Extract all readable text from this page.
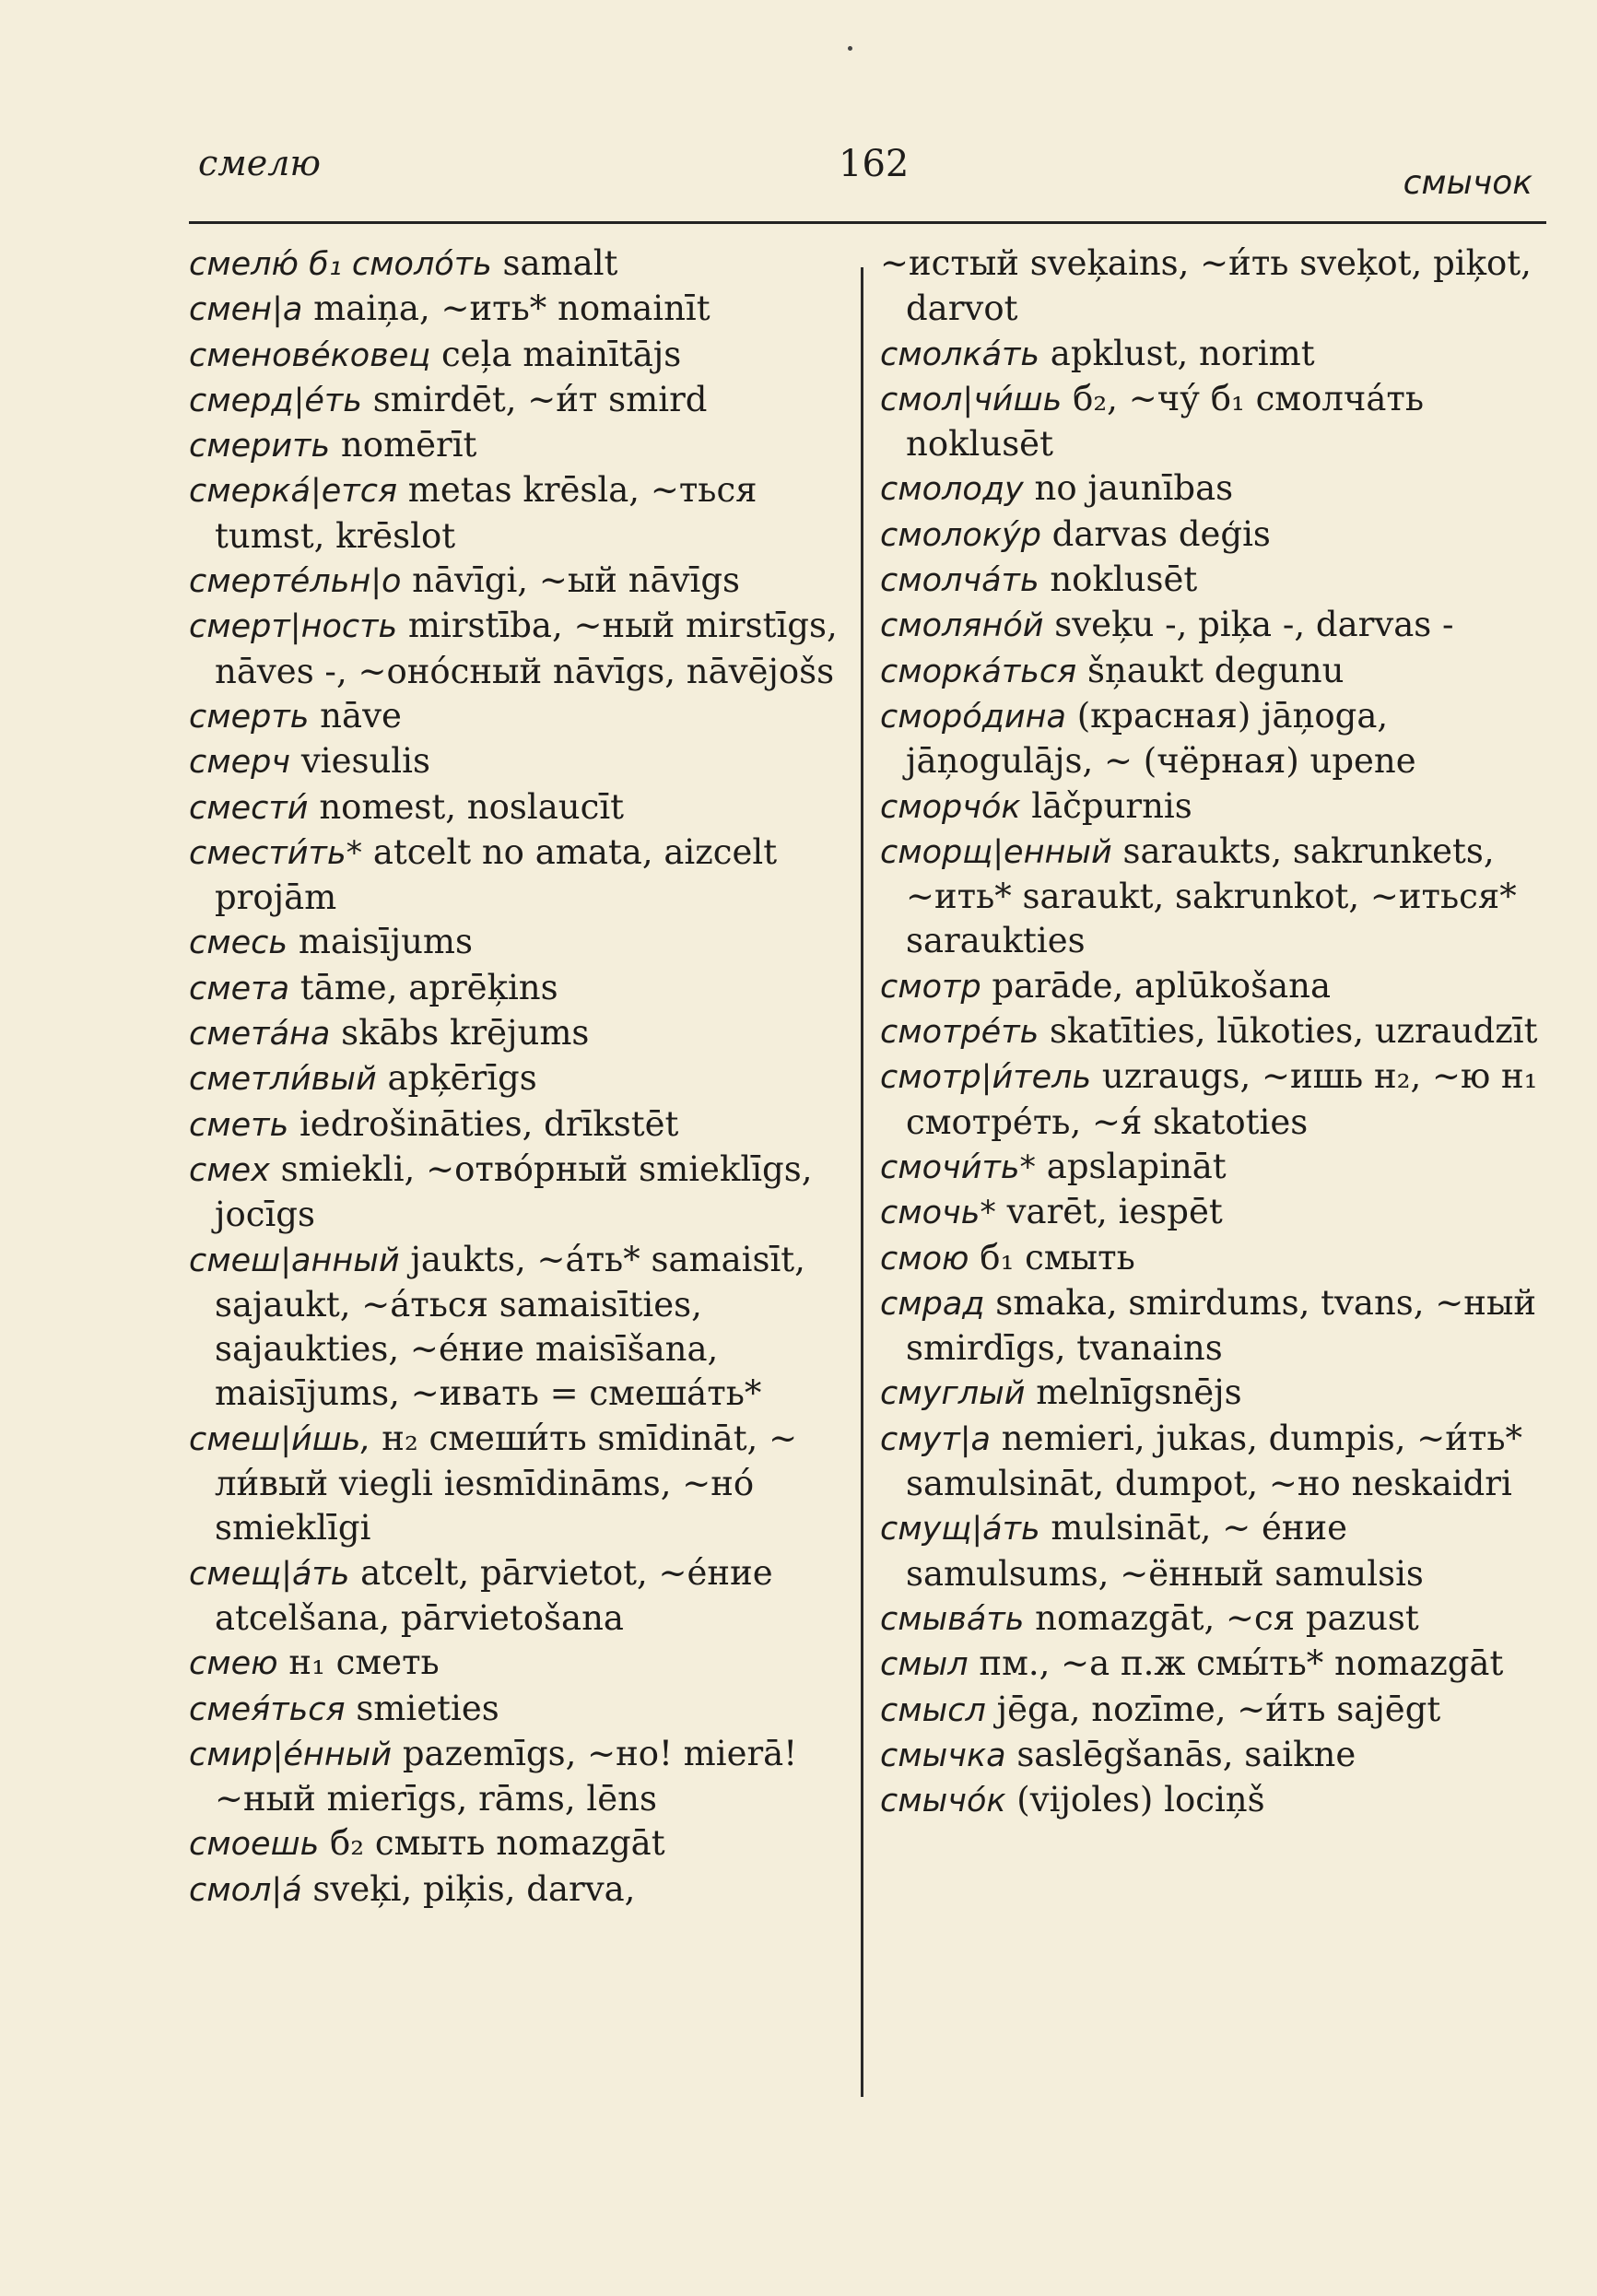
смелю	162	смычок

смелю́ б₁ смоло́ть samalt

смен|а maiņa, ~ить* nomainīt

сменове́ковец ceļa mainītājs

смерд|е́ть smirdēt, ~и́т smird

смерить nomērīt

смерка́|ется metas krēsla, ~ться tumst, krēslot

смерте́льн|о nāvīgi, ~ый nāvīgs

смерт|ность mirstība, ~ный mirstīgs, nāves -, ~оно́сный nāvīgs, nāvējošs

смерть nāve

смерч viesulis

смести́ nomest, noslaucīt

смести́ть* atcelt no amata, aizcelt projām

смесь maisījums

смета tāme, aprēķins

смета́на skābs krējums

сметли́вый apķērīgs

сметь iedrošināties, drīkstēt

смех smiekli, ~отво́рный smieklīgs, jocīgs

смеш|анный jaukts, ~а́ть* samaisīt, sajaukt, ~а́ться samaisīties, sajaukties, ~е́ние maisīšana, maisījums, ~ивать = смеша́ть*

смеш|и́шь, н₂ смеши́ть smīdināt, ~ ли́вый viegli iesmīdināms, ~но́ smieklīgi

смещ|а́ть atcelt, pārvietot, ~е́ние atcelšana, pārvietošana

смею н₁ сметь

смея́ться smieties

смир|е́нный pazemīgs, ~но! mierā! ~ный mierīgs, rāms, lēns

смоешь б₂ смыть nomazgāt

смол|а́ sveķi, piķis, darva,

~истый sveķains, ~и́ть sveķot, piķot, darvot

смолка́ть apklust, norimt

смол|чи́шь б₂, ~чу́ б₁ смолча́ть noklusēt

смолоду no jaunības

смолоку́р darvas deģis

смолча́ть noklusēt

смоляно́й sveķu -, piķa -, darvas -

сморка́ться šņaukt degunu

сморо́дина (красная) jāņoga, jāņogulājs, ~ (чёрная) upene

сморчо́к lāčpurnis

сморщ|енный saraukts, sakrunkets, ~ить* saraukt, sakrunkot, ~иться* saraukties

смотр parāde, aplūkošana

смотре́ть skatīties, lūkoties, uzraudzīt

смотр|и́тель uzraugs, ~ишь н₂, ~ю н₁ смотре́ть, ~я́ skatoties

смочи́ть* apslapināt

смочь* varēt, iespēt

смою б₁ смыть

смрад smaka, smirdums, tvans, ~ный smirdīgs, tvanains

смуглый melnīgsnējs

смут|а nemieri, jukas, dumpis, ~и́ть* samulsināt, dumpot, ~но neskaidri

смущ|а́ть mulsināt, ~ е́ние samulsums, ~ённый samulsis

смыва́ть nomazgāt, ~ся pazust

смыл пм., ~а п.ж смы́ть* nomazgāt

смысл jēga, nozīme, ~и́ть sajēgt

смычка saslēgšanās, saikne

смычо́к (vijoles) lociņš
